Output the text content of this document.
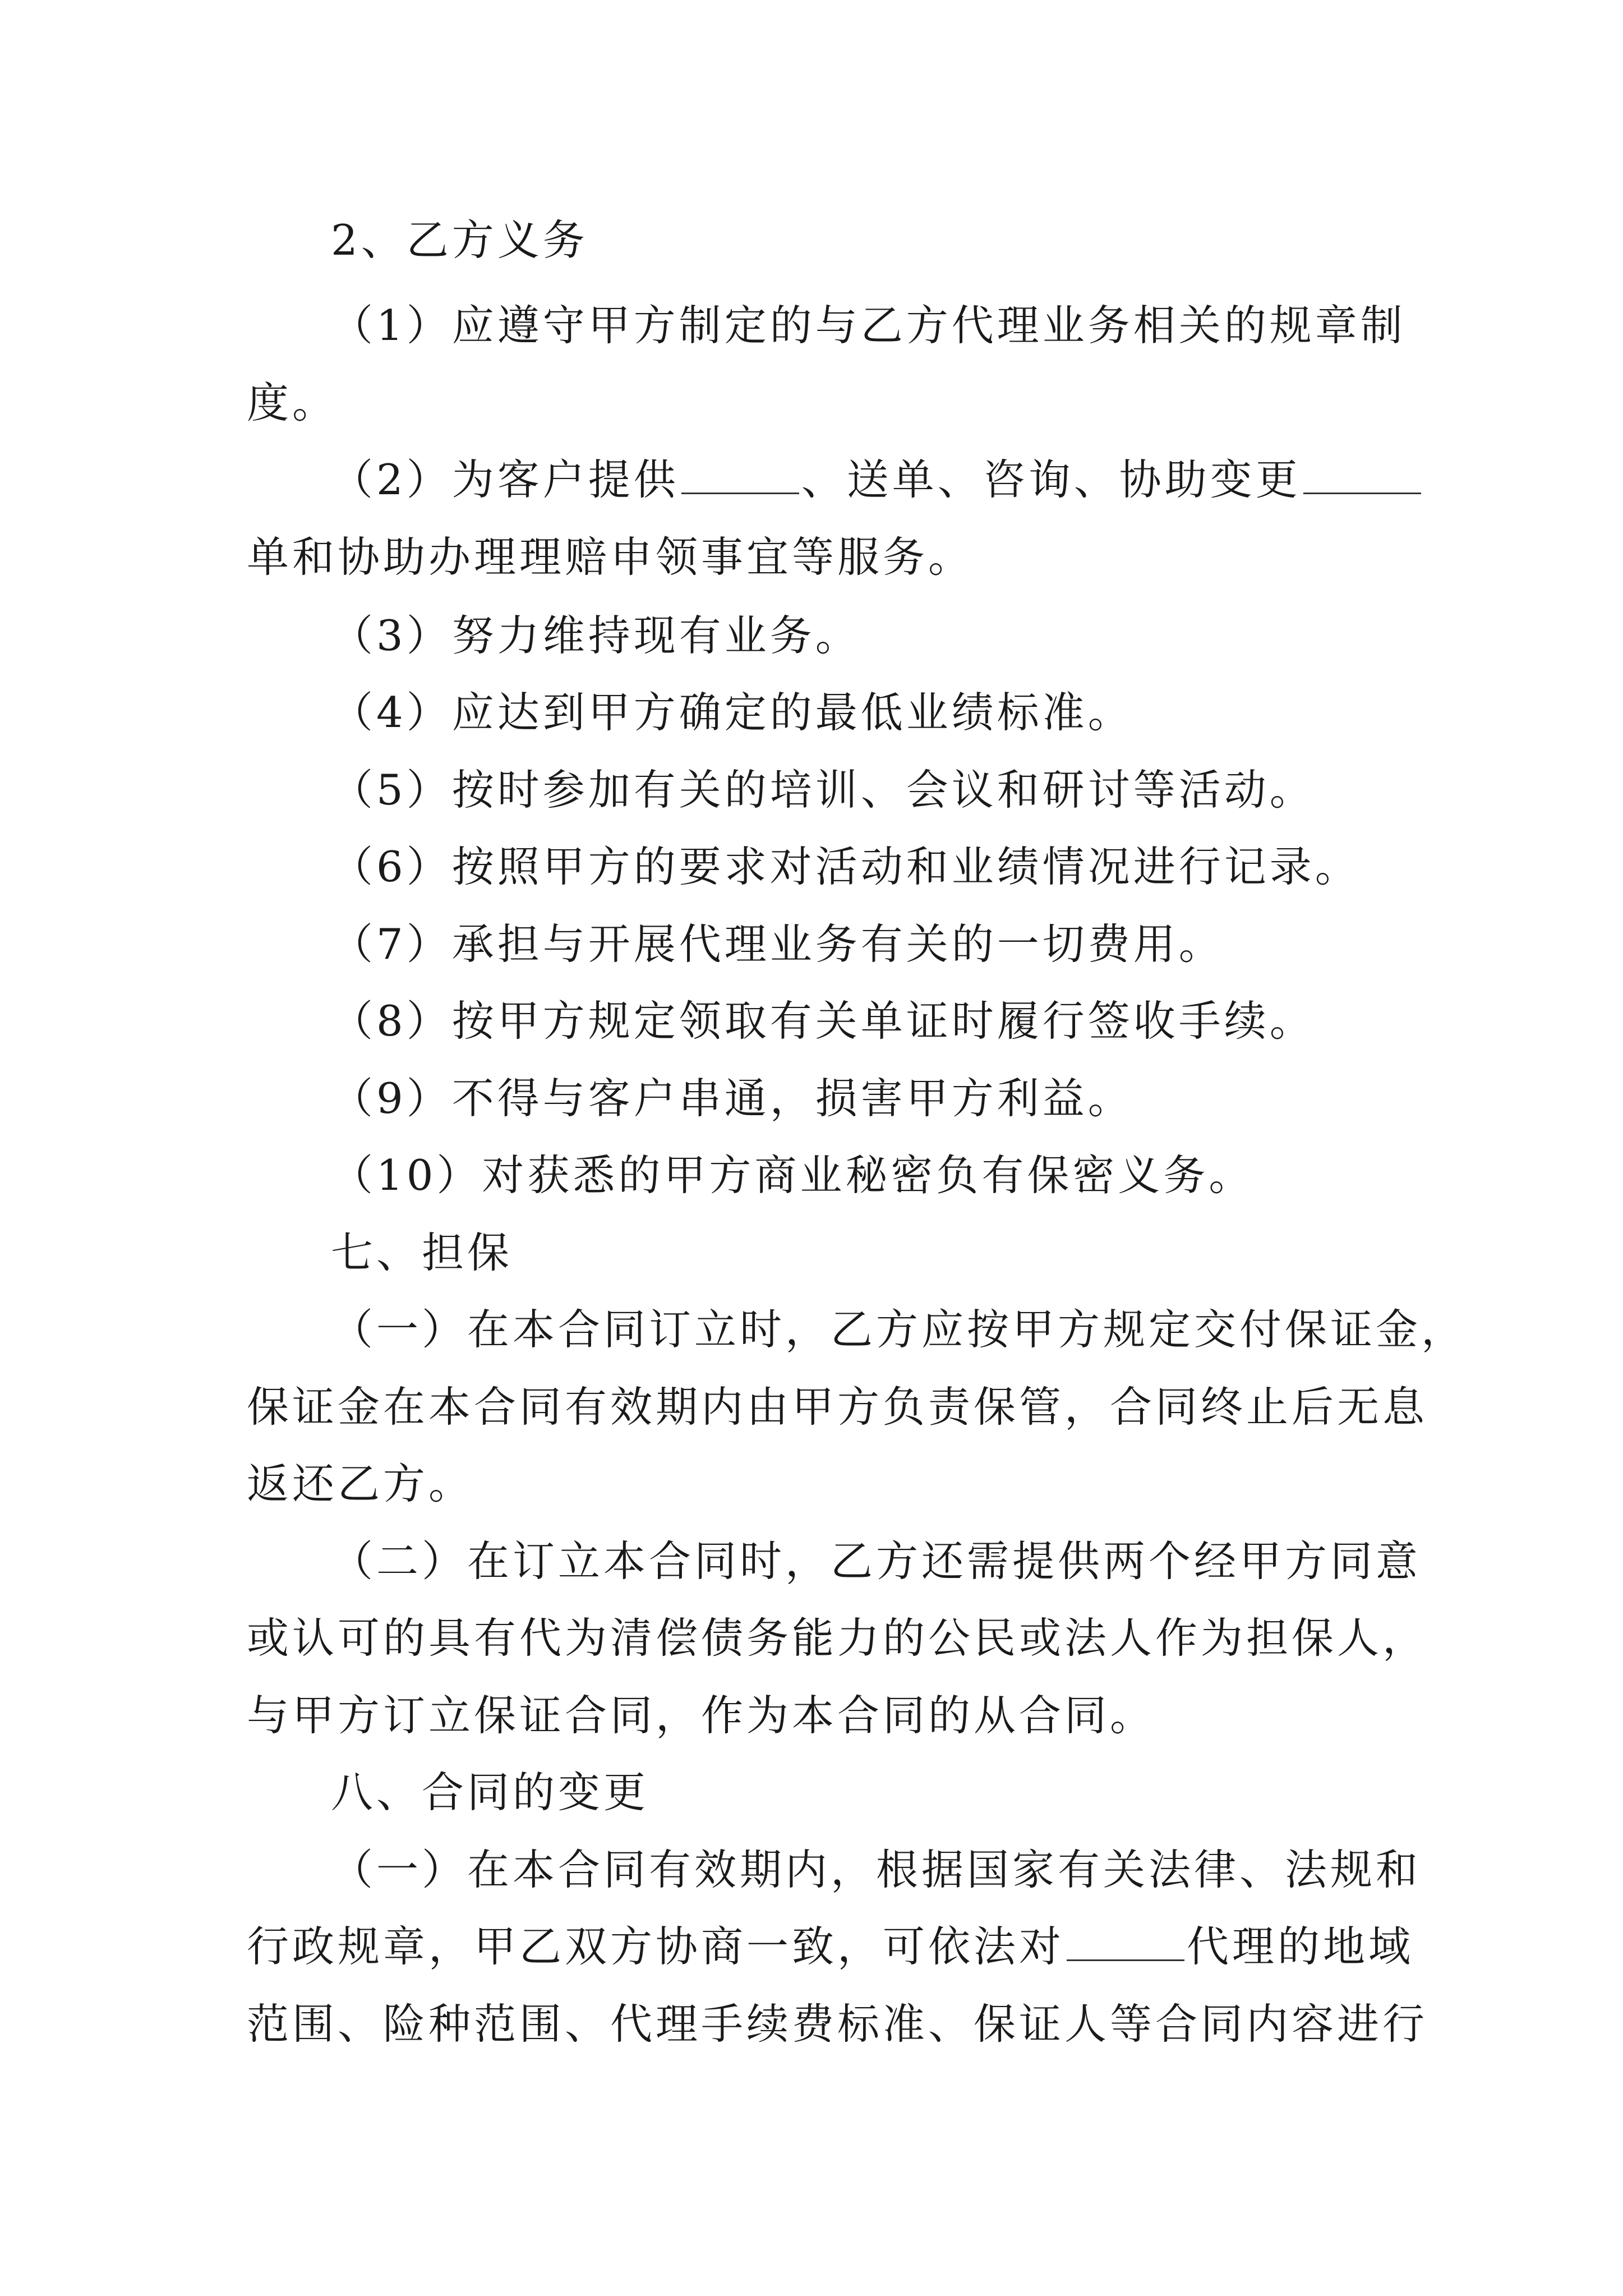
2、乙方义务
（1）应遵守甲方制定的与乙方代理业务相关的规章制
度。
（2）为客户提供	、送单、咨询、协助变更
单和协助办理理赔申领事宜等服务。
（3）努力维持现有业务。
（4）应达到甲方确定的最低业绩标准。
（5）按时参加有关的培训、会议和研讨等活动。
（6）按照甲方的要求对活动和业绩情况进行记录。
（7）承担与开展代理业务有关的一切费用。
（8）按甲方规定领取有关单证时履行签收手续。
（9）不得与客户串通，损害甲方利益。
（10）对获悉的甲方商业秘密负有保密义务。
七、担保
（一）在本合同订立时，乙方应按甲方规定交付保证金，
保证金在本合同有效期内由甲方负责保管，合同终止后无息
返还乙方。
（二）在订立本合同时，乙方还需提供两个经甲方同意
或认可的具有代为清偿债务能力的公民或法人作为担保人，
与甲方订立保证合同，作为本合同的从合同。
八、合同的变更
（一）在本合同有效期内，根据国家有关法律、法规和
行政规章，甲乙双方协商一致，可依法对	代理的地域
范围、险种范围、代理手续费标准、保证人等合同内容进行
